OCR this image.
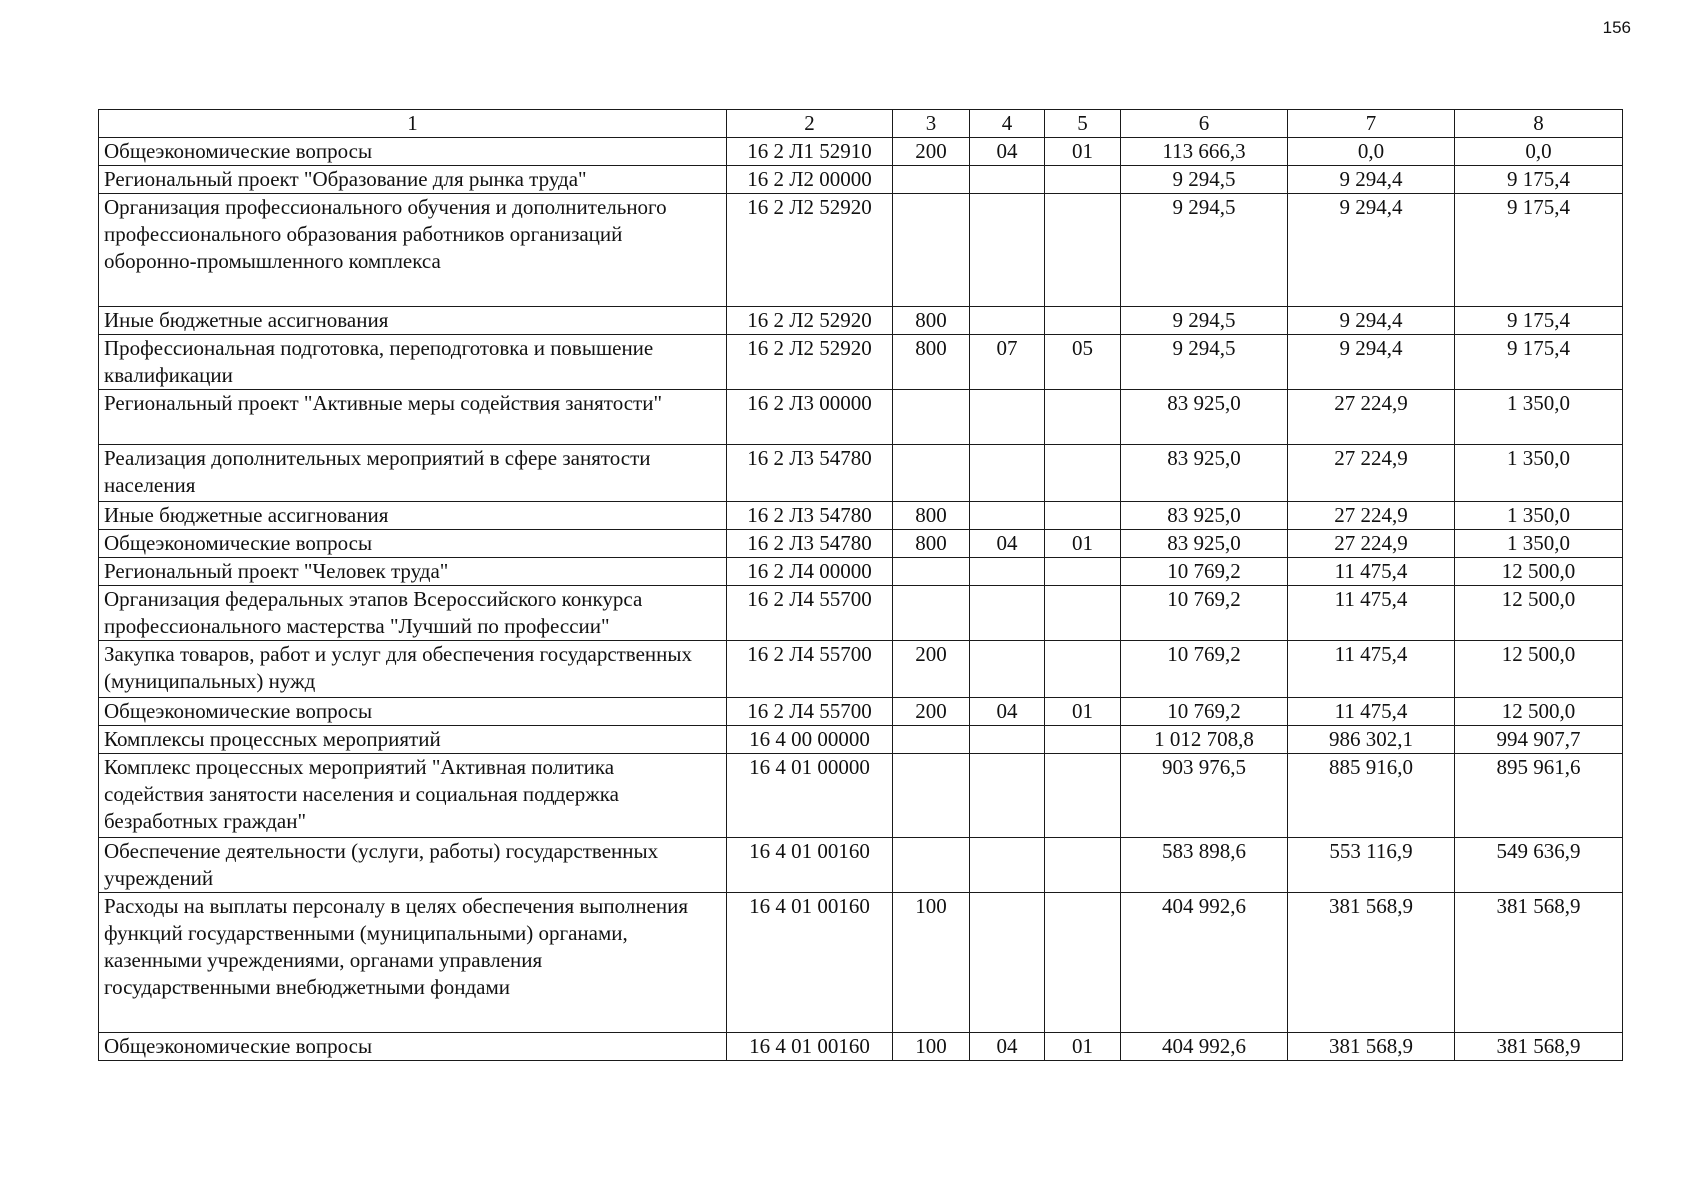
156
1	2	3	4	5	6	7	8
Общеэкономические вопросы	16 2 Л1 52910	200	04	01	113 666,3	0,0	0,0
Региональный проект "Образование для рынка труда"	16 2 Л2 00000				9 294,5	9 294,4	9 175,4
Организация профессионального обучения и дополнительного
профессионального образования работников организаций
оборонно-промышленного комплекса	16 2 Л2 52920				9 294,5	9 294,4	9 175,4
Иные бюджетные ассигнования	16 2 Л2 52920	800			9 294,5	9 294,4	9 175,4
Профессиональная подготовка, переподготовка и повышение
квалификации	16 2 Л2 52920	800	07	05	9 294,5	9 294,4	9 175,4
Региональный проект "Активные меры содействия занятости"	16 2 Л3 00000				83 925,0	27 224,9	1 350,0
Реализация дополнительных мероприятий в сфере занятости
населения	16 2 Л3 54780				83 925,0	27 224,9	1 350,0
Иные бюджетные ассигнования	16 2 Л3 54780	800			83 925,0	27 224,9	1 350,0
Общеэкономические вопросы	16 2 Л3 54780	800	04	01	83 925,0	27 224,9	1 350,0
Региональный проект "Человек труда"	16 2 Л4 00000				10 769,2	11 475,4	12 500,0
Организация федеральных этапов Всероссийского конкурса
профессионального мастерства "Лучший по профессии"	16 2 Л4 55700				10 769,2	11 475,4	12 500,0
Закупка товаров, работ и услуг для обеспечения государственных
(муниципальных) нужд	16 2 Л4 55700	200			10 769,2	11 475,4	12 500,0
Общеэкономические вопросы	16 2 Л4 55700	200	04	01	10 769,2	11 475,4	12 500,0
Комплексы процессных мероприятий	16 4 00 00000				1 012 708,8	986 302,1	994 907,7
Комплекс процессных мероприятий "Активная политика
содействия занятости населения и социальная поддержка
безработных граждан"	16 4 01 00000				903 976,5	885 916,0	895 961,6
Обеспечение деятельности (услуги, работы) государственных
учреждений	16 4 01 00160				583 898,6	553 116,9	549 636,9
Расходы на выплаты персоналу в целях обеспечения выполнения
функций государственными (муниципальными) органами,
казенными учреждениями, органами управления
государственными внебюджетными фондами	16 4 01 00160	100			404 992,6	381 568,9	381 568,9
Общеэкономические вопросы	16 4 01 00160	100	04	01	404 992,6	381 568,9	381 568,9
